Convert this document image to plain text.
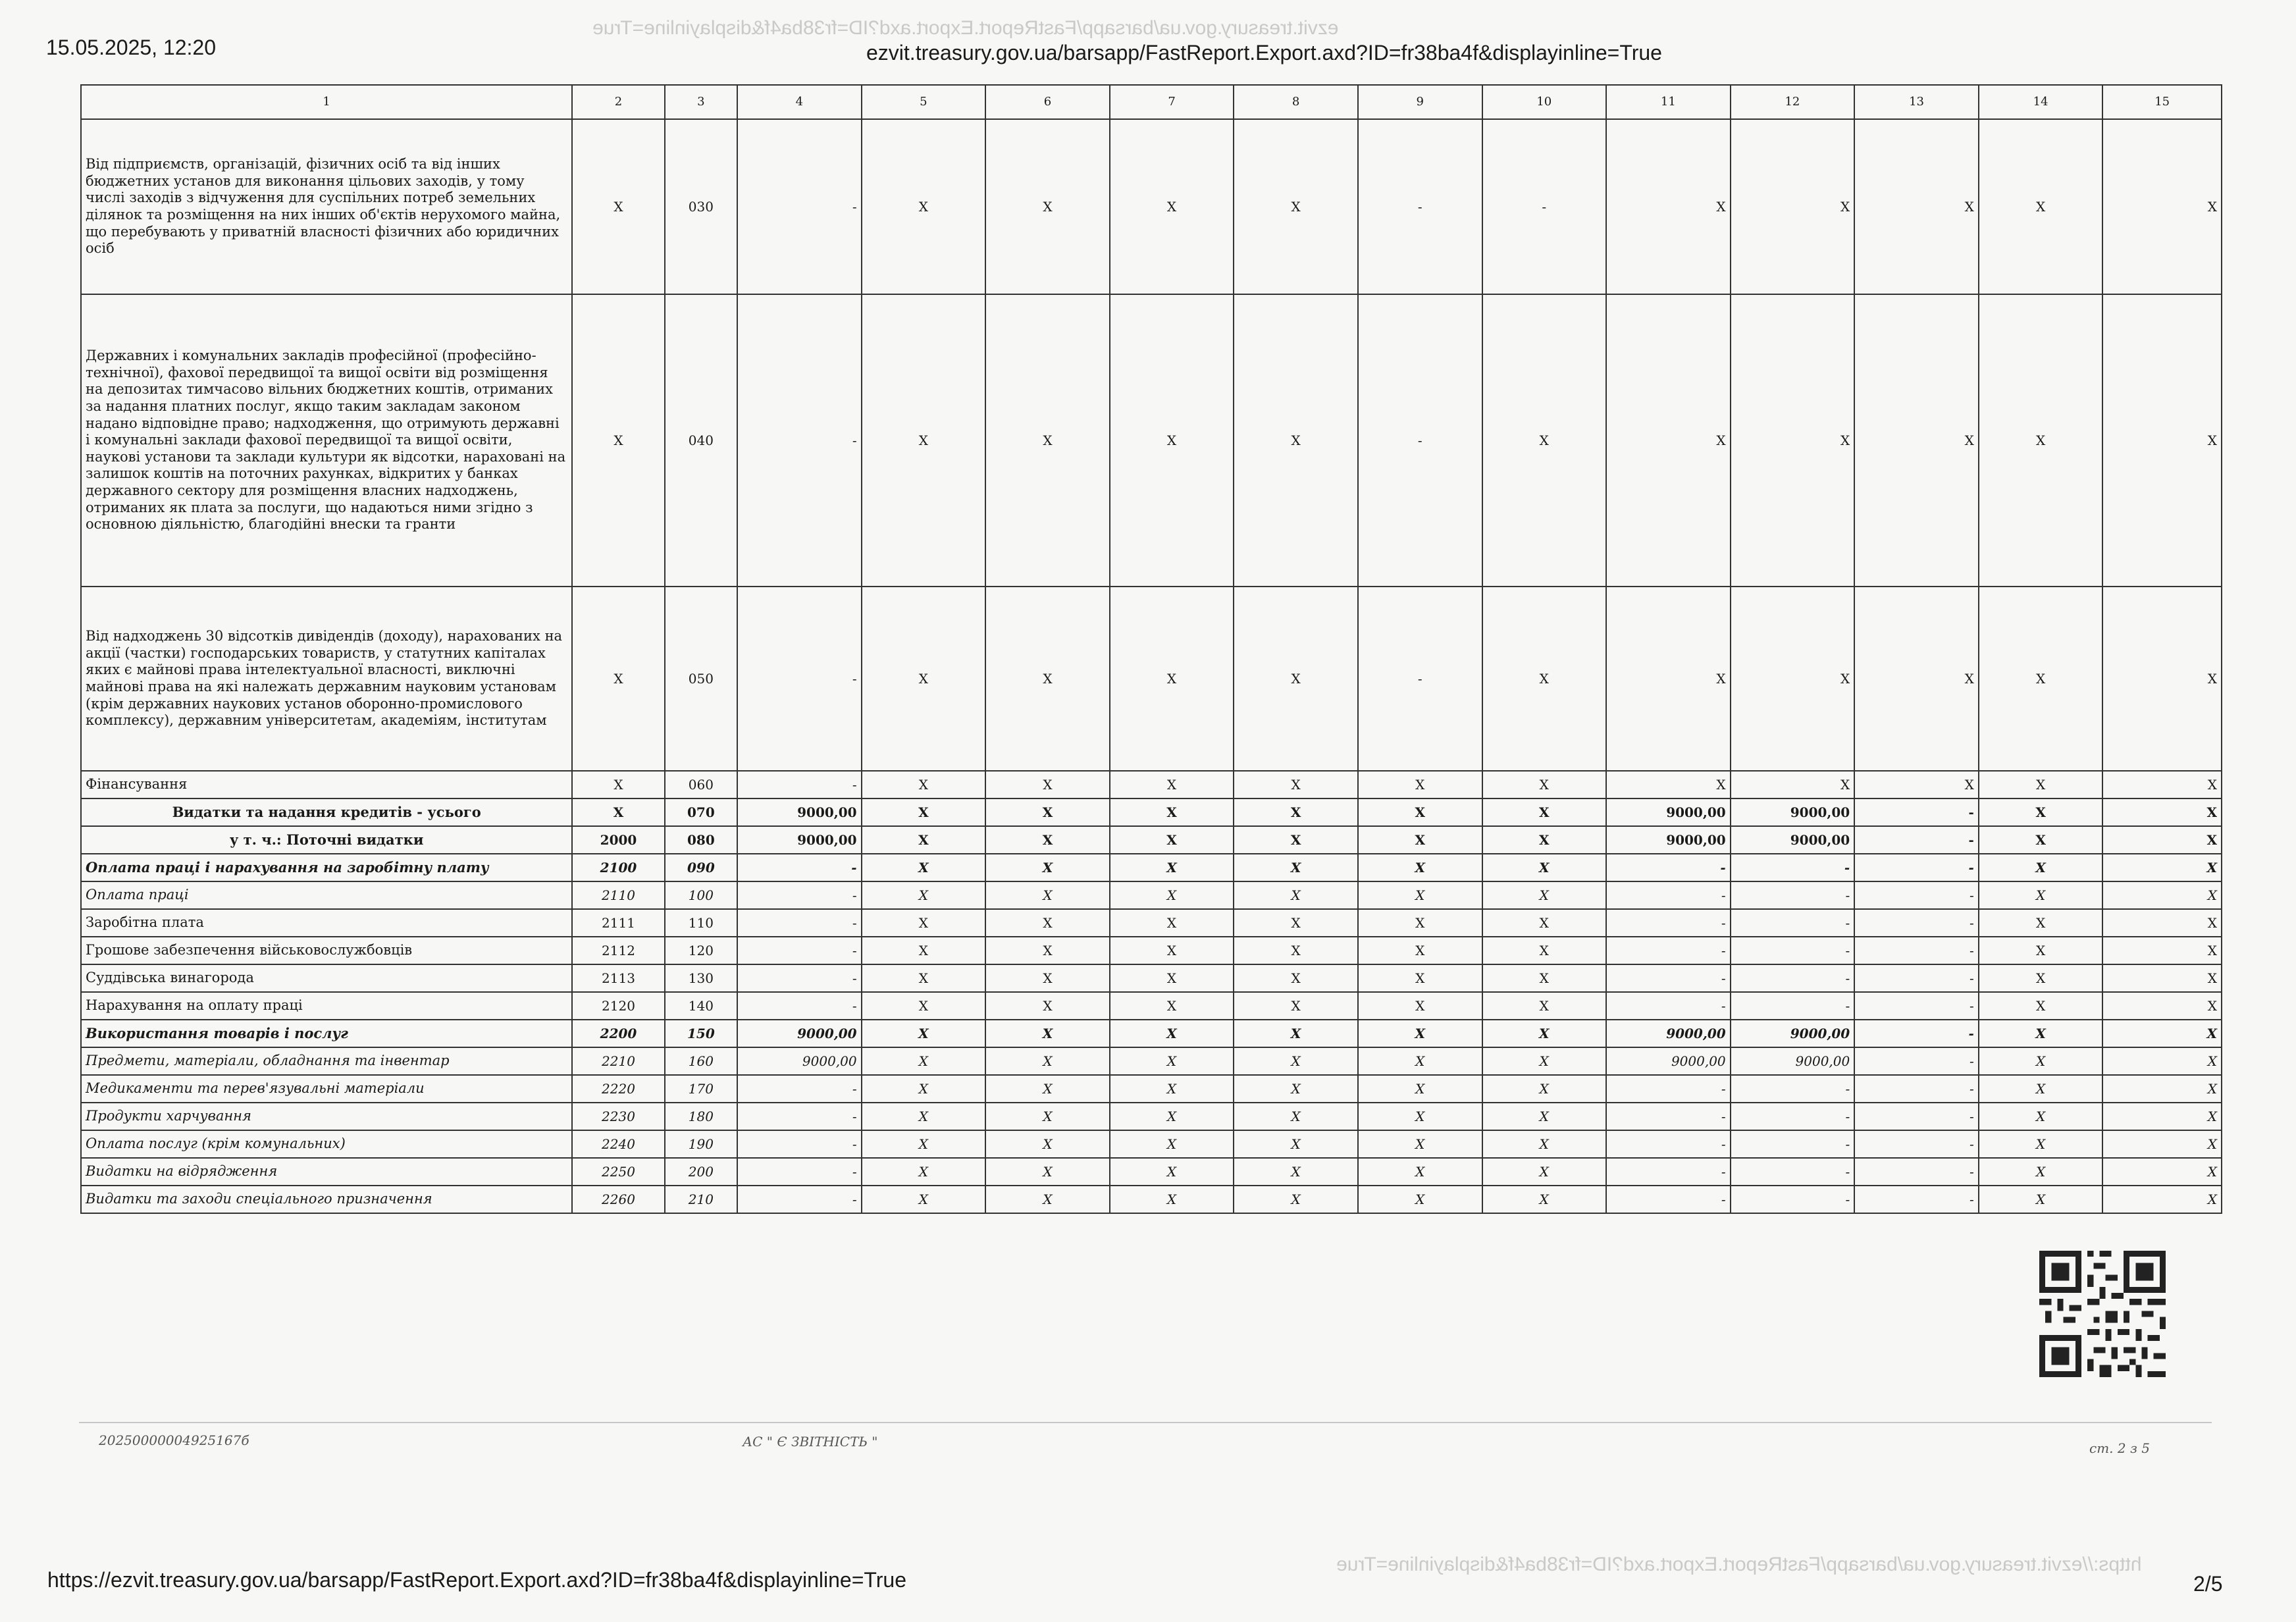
ezvit.treasury.gov.ua/barsapp/FastReport.Export.axd?ID=fr38ba4f&displayinline=True
https://ezvit.treasury.gov.ua/barsapp/FastReport.Export.axd?ID=fr38ba4f&displayinline=True
15.05.2025, 12:20	ezvit.treasury.gov.ua/barsapp/FastReport.Export.axd?ID=fr38ba4f&displayinline=True
1	2	3	4	5	6	7	8	9	10	11	12	13	14	15
Від підприємств, організацій, фізичних осіб та від інших бюджетних установ для виконання цільових заходів, у тому числі заходів з відчуження для суспільних потреб земельних ділянок та розміщення на них інших об'єктів нерухомого майна, що перебувають у приватній власності фізичних або юридичних осіб	X	030	-	X	X	X	X	-	-	X	X	X	X	X
Державних і комунальних закладів професійної (професійно-технічної), фахової передвищої та вищої освіти від розміщення на депозитах тимчасово вільних бюджетних коштів, отриманих за надання платних послуг, якщо таким закладам законом надано відповідне право; надходження, що отримують державні і комунальні заклади фахової передвищої та вищої освіти, наукові установи та заклади культури як відсотки, нараховані на залишок коштів на поточних рахунках, відкритих у банках державного сектору для розміщення власних надходжень, отриманих як плата за послуги, що надаються ними згідно з основною діяльністю, благодійні внески та гранти	X	040	-	X	X	X	X	-	X	X	X	X	X	X
Від надходжень 30 відсотків дивідендів (доходу), нарахованих на акції (частки) господарських товариств, у статутних капіталах яких є майнові права інтелектуальної власності, виключні майнові права на які належать державним науковим установам (крім державних наукових установ оборонно-промислового комплексу), державним університетам, академіям, інститутам	X	050	-	X	X	X	X	-	X	X	X	X	X	X
Фінансування	X	060	-	X	X	X	X	X	X	X	X	X	X	X
Видатки та надання кредитів - усього	X	070	9000,00	X	X	X	X	X	X	9000,00	9000,00	-	X	X
у т. ч.: Поточні видатки	2000	080	9000,00	X	X	X	X	X	X	9000,00	9000,00	-	X	X
Оплата праці і нарахування на заробітну плату	2100	090	-	X	X	X	X	X	X	-	-	-	X	X
Оплата праці	2110	100	-	X	X	X	X	X	X	-	-	-	X	X
Заробітна плата	2111	110	-	X	X	X	X	X	X	-	-	-	X	X
Грошове забезпечення військовослужбовців	2112	120	-	X	X	X	X	X	X	-	-	-	X	X
Суддівська винагорода	2113	130	-	X	X	X	X	X	X	-	-	-	X	X
Нарахування на оплату праці	2120	140	-	X	X	X	X	X	X	-	-	-	X	X
Використання товарів і послуг	2200	150	9000,00	X	X	X	X	X	X	9000,00	9000,00	-	X	X
Предмети, матеріали, обладнання та інвентар	2210	160	9000,00	X	X	X	X	X	X	9000,00	9000,00	-	X	X
Медикаменти та перев'язувальні матеріали	2220	170	-	X	X	X	X	X	X	-	-	-	X	X
Продукти харчування	2230	180	-	X	X	X	X	X	X	-	-	-	X	X
Оплата послуг (крім комунальних)	2240	190	-	X	X	X	X	X	X	-	-	-	X	X
Видатки на відрядження	2250	200	-	X	X	X	X	X	X	-	-	-	X	X
Видатки та заходи спеціального призначення	2260	210	-	X	X	X	X	X	X	-	-	-	X	X
20250000004925167б	АС " Є ЗВІТНІСТЬ "	ст. 2 з 5
https://ezvit.treasury.gov.ua/barsapp/FastReport.Export.axd?ID=fr38ba4f&displayinline=True	2/5
